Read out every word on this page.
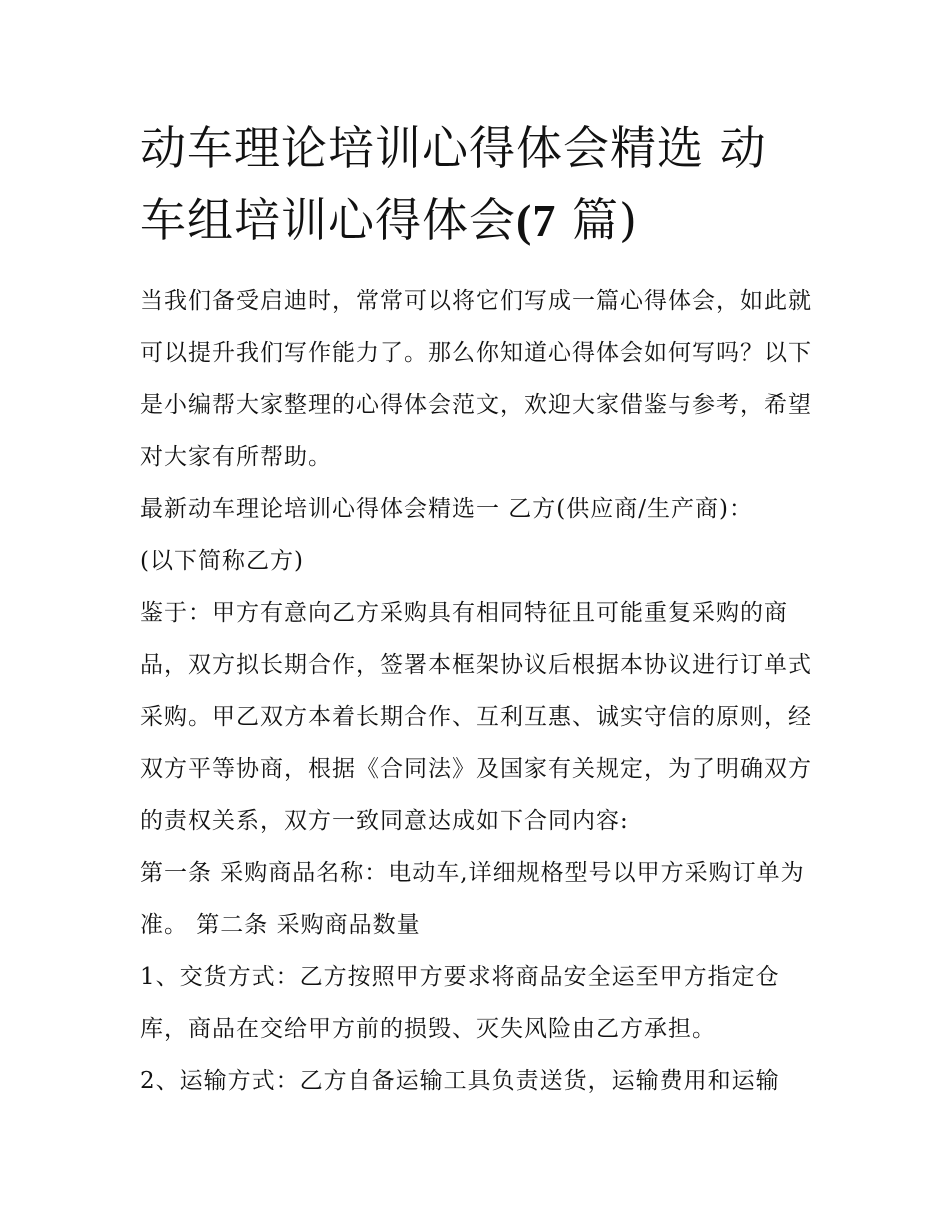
动车理论培训心得体会精选 动车组培训心得体会(7 篇)

当我们备受启迪时，常常可以将它们写成一篇心得体会，如此就可以提升我们写作能力了。那么你知道心得体会如何写吗？以下是小编帮大家整理的心得体会范文，欢迎大家借鉴与参考，希望对大家有所帮助。

最新动车理论培训心得体会精选一 乙方(供应商/生产商)：

(以下简称乙方)

鉴于：甲方有意向乙方采购具有相同特征且可能重复采购的商品，双方拟长期合作，签署本框架协议后根据本协议进行订单式采购。甲乙双方本着长期合作、互利互惠、诚实守信的原则，经双方平等协商，根据《合同法》及国家有关规定，为了明确双方的责权关系，双方一致同意达成如下合同内容:

第一条 采购商品名称：电动车,详细规格型号以甲方采购订单为准。 第二条 采购商品数量

1、交货方式：乙方按照甲方要求将商品安全运至甲方指定仓库，商品在交给甲方前的损毁、灭失风险由乙方承担。

2、运输方式：乙方自备运输工具负责送货，运输费用和运输
